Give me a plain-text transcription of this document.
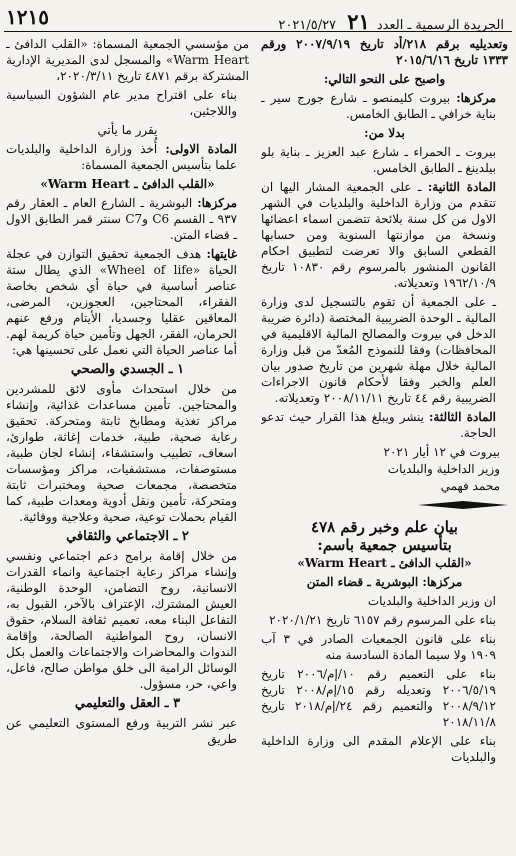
الجريدة الرسمية ـ العدد ٢١ ٢٠٢١/٥/٢٧
١٢١٥

وتعديليه برقم ٢١٨/أد تاريخ ٢٠٠٧/٩/١٩ ورقم ١٣٣٣ تاريخ ٢٠١٥/٦/١٦

واصبح على النحو التالي:

مركزها: بيروت كليمنصو ـ شارع جورج سير ـ بناية خرافي ـ الطابق الخامس.

بدلا من:

بيروت ـ الحمراء ـ شارع عبد العزيز ـ بناية بلو بيلدينغ ـ الطابق الخامس.

المادة الثانية: ـ على الجمعية المشار اليها ان تتقدم من وزارة الداخلية والبلديات في الشهر الاول من كل سنة بلائحة تتضمن اسماء اعضائها ونسخة من موازنتها السنوية ومن حسابها القطعي السابق والا تعرضت لتطبيق احكام القانون المنشور بالمرسوم رقم ١٠٨٣٠ تاريخ ١٩٦٢/١٠/٩ وتعديلاته.

ـ على الجمعية أن تقوم بالتسجيل لدى وزارة المالية ـ الوحدة الضريبية المختصة (دائرة ضريبة الدخل في بيروت والمصالح المالية الاقليمية في المحافظات) وفقا للنموذج المُعدّ من قبل وزارة المالية خلال مهلة شهرين من تاريخ صدور بيان العلم والخبر وفقا لأحكام قانون الاجراءات الضريبية رقم ٤٤ تاريخ ٢٠٠٨/١١/١١ وتعديلاته.

المادة الثالثة: ينشر ويبلغ هذا القرار حيث تدعو الحاجة.

بيروت في ١٢ أيار ٢٠٢١

وزير الداخلية والبلديات

محمد فهمي

بيان علم وخبر رقم ٤٧٨

بتأسيس جمعية باسم:

«القلب الدافئ ـ Warm Heart»

مركزها: البوشرية ـ قضاء المتن

ان وزير الداخلية والبلديات

بناء على المرسوم رقم ٦١٥٧ تاريخ ٢٠٢٠/١/٢١

بناء على قانون الجمعيات الصادر في ٣ آب ١٩٠٩ ولا سيما المادة السادسة منه

بناء على التعميم رقم ١٠/إم/٢٠٠٦ تاريخ ٢٠٠٦/٥/١٩ وتعديله رقم ١٥/إم/٢٠٠٨ تاريخ ٢٠٠٨/٩/١٢ والتعميم رقم ٢٤/إم/٢٠١٨ تاريخ ٢٠١٨/١١/٨

بناء على الإعلام المقدم الى وزارة الداخلية والبلديات

من مؤسسي الجمعية المسماة: «القلب الدافئ ـ Warm Heart» والمسجل لدى المديرية الإدارية المشتركة برقم ٤٨٧١ تاريخ ٢٠٢٠/٣/١١،

بناء على اقتراح مدير عام الشؤون السياسية واللاجئين،

يقرر ما يأتي

المادة الاولى: أُخذ وزارة الداخلية والبلديات علما بتأسيس الجمعية المسماة:

«القلب الدافئ ـ Warm Heart»

مركزها: البوشرية ـ الشارع العام ـ العقار رقم ٩٣٧ ـ القسم C6 وC7 سنتر قمر الطابق الاول ـ قضاء المتن.

غايتها: هدف الجمعية تحقيق التوازن في عجلة الحياة «Wheel of life» الذي يطال ستة عناصر أساسية في حياة أي شخص بخاصة الفقراء، المحتاجين، العجوزين، المرضى، المعاقين عقليا وجسديا، الأيتام ورفع عنهم الحرمان، الفقر، الجهل وتأمين حياة كريمة لهم. أما عناصر الحياة التي نعمل على تحسينها هي:

١ ـ الجسدي والصحي

من خلال استحداث مأوى لائق للمشردين والمحتاجين. تأمين مساعدات غذائية، وإنشاء مراكز تغذية ومطابخ ثابتة ومتحركة. تحقيق رعاية صحية، طبية، خدمات إغاثة، طوارئ، اسعاف، تطبيب واستشفاء، إنشاء لجان طبية، مستوصفات، مستشفيات، مراكز ومؤسسات متخصصة، مجمعات صحية ومختبرات ثابتة ومتحركة، تأمين ونقل أدوية ومعدات طبية، كما القيام بحملات توعية، صحية وعلاجية ووقائية.

٢ ـ الاجتماعي والثقافي

من خلال إقامة برامج دعم اجتماعي ونفسي وإنشاء مراكز رعاية اجتماعية وانماء القدرات الانسانية، روح التضامن، الوحدة الوطنية، العيش المشترك، الإعتراف بالآخر، القبول به، التفاعل البناء معه، تعميم ثقافة السلام، حقوق الانسان، روح المواطنية الصالحة، وإقامة الندوات والمحاضرات والاجتماعات والعمل بكل الوسائل الرامية الى خلق مواطن صالح، فاعل، واعي، حر، مسؤول.

٣ ـ العقل والتعليمي

عبر نشر التربية ورفع المستوى التعليمي عن طريق
